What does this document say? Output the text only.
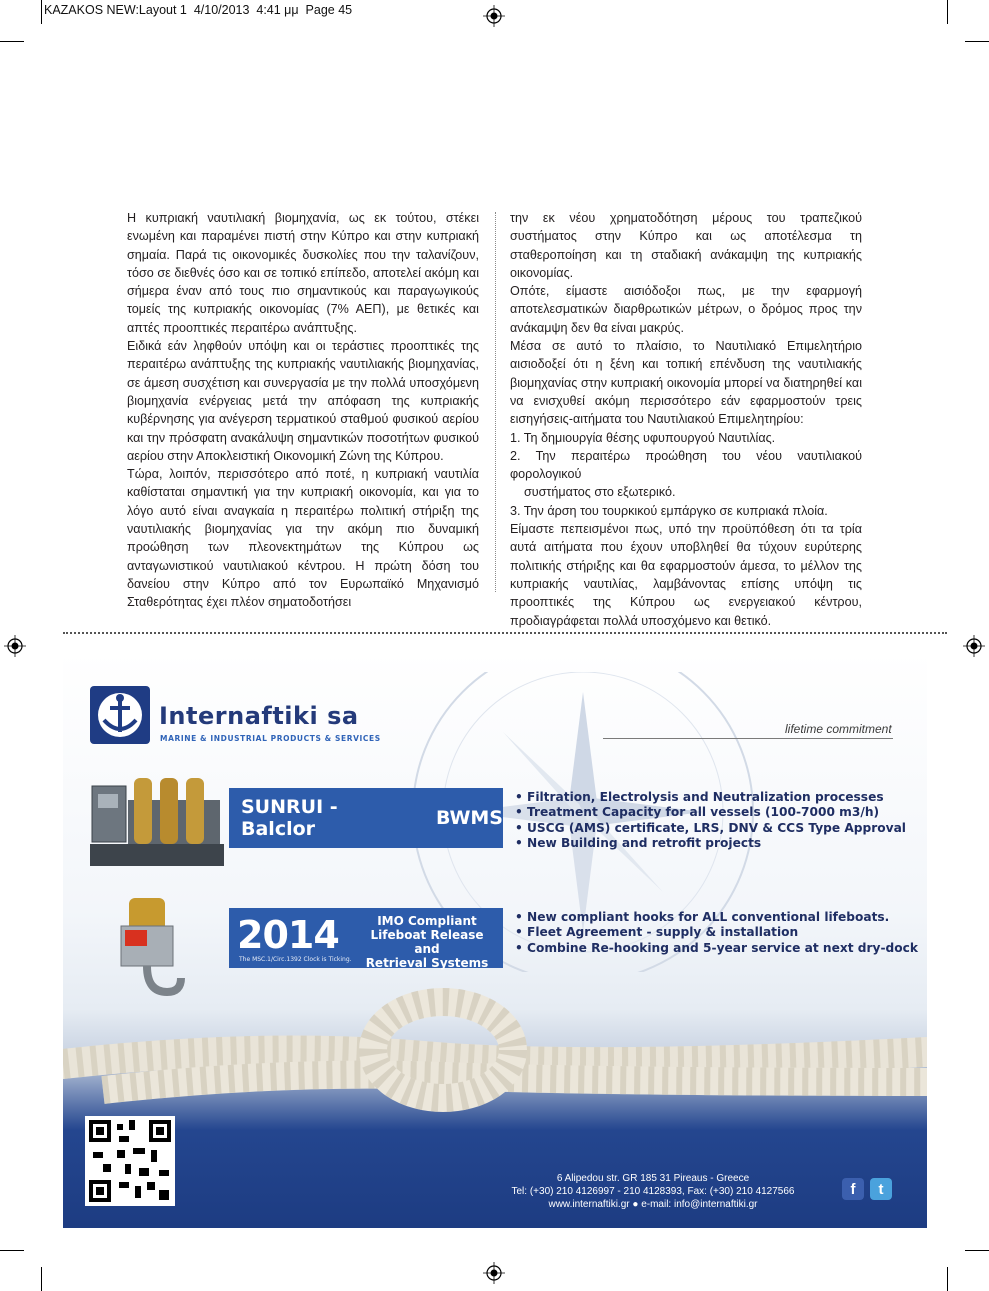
KAZAKOS NEW:Layout 1  4/10/2013  4:41 μμ  Page 45

Η κυπριακή ναυτιλιακή βιομηχανία, ως εκ τούτου, στέκει ενωμένη και παραμένει πιστή στην Κύπρο και στην κυπριακή σημαία. Παρά τις οικονομικές δυσκολίες που την ταλανίζουν, τόσο σε διεθνές όσο και σε τοπικό επίπεδο, αποτελεί ακόμη και σήμερα έναν από τους πιο σημαντικούς και παραγωγικούς τομείς της κυπριακής οικονομίας (7% ΑΕΠ), με θετικές και απτές προοπτικές περαιτέρω ανάπτυξης.

Ειδικά εάν ληφθούν υπόψη και οι τεράστιες προοπτικές της περαιτέρω ανάπτυξης της κυπριακής ναυτιλιακής βιομηχανίας, σε άμεση συσχέτιση και συνεργασία με την πολλά υποσχόμενη βιομηχανία ενέργειας μετά την απόφαση της κυπριακής κυβέρνησης για ανέγερση τερματικού σταθμού φυσικού αερίου και την πρόσφατη ανακάλυψη σημαντικών ποσοτήτων φυσικού αερίου στην Αποκλειστική Οικονομική Ζώνη της Κύπρου.

Τώρα, λοιπόν, περισσότερο από ποτέ, η κυπριακή ναυτιλία καθίσταται σημαντική για την κυπριακή οικονομία, και για το λόγο αυτό είναι αναγκαία η περαιτέρω πολιτική στήριξη της ναυτιλιακής βιομηχανίας για την ακόμη πιο δυναμική προώθηση των πλεονεκτημάτων της Κύπρου ως ανταγωνιστικού ναυτιλιακού κέντρου. Η πρώτη δόση του δανείου στην Κύπρο από τον Ευρωπαϊκό Μηχανισμό Σταθερότητας έχει πλέον σηματοδοτήσει

την εκ νέου χρηματοδότηση μέρους του τραπεζικού συστήματος στην Κύπρο και ως αποτέλεσμα τη σταθεροποίηση και τη σταδιακή ανάκαμψη της κυπριακής οικονομίας.

Οπότε, είμαστε αισιόδοξοι πως, με την εφαρμογή αποτελεσματικών διαρθρωτικών μέτρων, ο δρόμος προς την ανάκαμψη δεν θα είναι μακρύς.

Μέσα σε αυτό το πλαίσιο, το Ναυτιλιακό Επιμελητήριο αισιοδοξεί ότι η ξένη και τοπική επένδυση της ναυτιλιακής βιομηχανίας στην κυπριακή οικονομία μπορεί να διατηρηθεί και να ενισχυθεί ακόμη περισσότερο εάν εφαρμοστούν τρεις εισηγήσεις-αιτήματα του Ναυτιλιακού Επιμελητηρίου:

1. Τη δημιουργία θέσης υφυπουργού Ναυτιλίας.

2. Την περαιτέρω προώθηση του νέου ναυτιλιακού φορολογικού

συστήματος στο εξωτερικό.

3. Την άρση του τουρκικού εμπάργκο σε κυπριακά πλοία.

Είμαστε πεπεισμένοι πως, υπό την προϋπόθεση ότι τα τρία αυτά αιτήματα που έχουν υποβληθεί θα τύχουν ευρύτερης πολιτικής στήριξης και θα εφαρμοστούν άμεσα, το μέλλον της κυπριακής ναυτιλίας, λαμβάνοντας επίσης υπόψη τις προοπτικές της Κύπρου ως ενεργειακού κέντρου, προδιαγράφεται πολλά υποσχόμενο και θετικό.

Internaftiki sa
MARINE & INDUSTRIAL PRODUCTS & SERVICES
lifetime commitment
SUNRUI - Balclor	BWMS
• Filtration, Electrolysis and Neutralization processes
• Treatment Capacity for all vessels (100-7000 m3/h)
• USCG (AMS) certificate, LRS, DNV & CCS Type Approval
• New Building and retrofit projects
2014
The MSC.1/Circ.1392 Clock is Ticking.
IMO Compliant
Lifeboat Release and
Retrieval Systems
• New compliant hooks for ALL conventional lifeboats.
• Fleet Agreement - supply & installation
• Combine Re-hooking and 5-year service at next dry-dock
6 Alipedou str. GR 185 31 Pireaus - Greece
Tel: (+30) 210 4126997 - 210 4128393, Fax: (+30) 210 4127566
www.internaftiki.gr ● e-mail: info@internaftiki.gr
f	t
